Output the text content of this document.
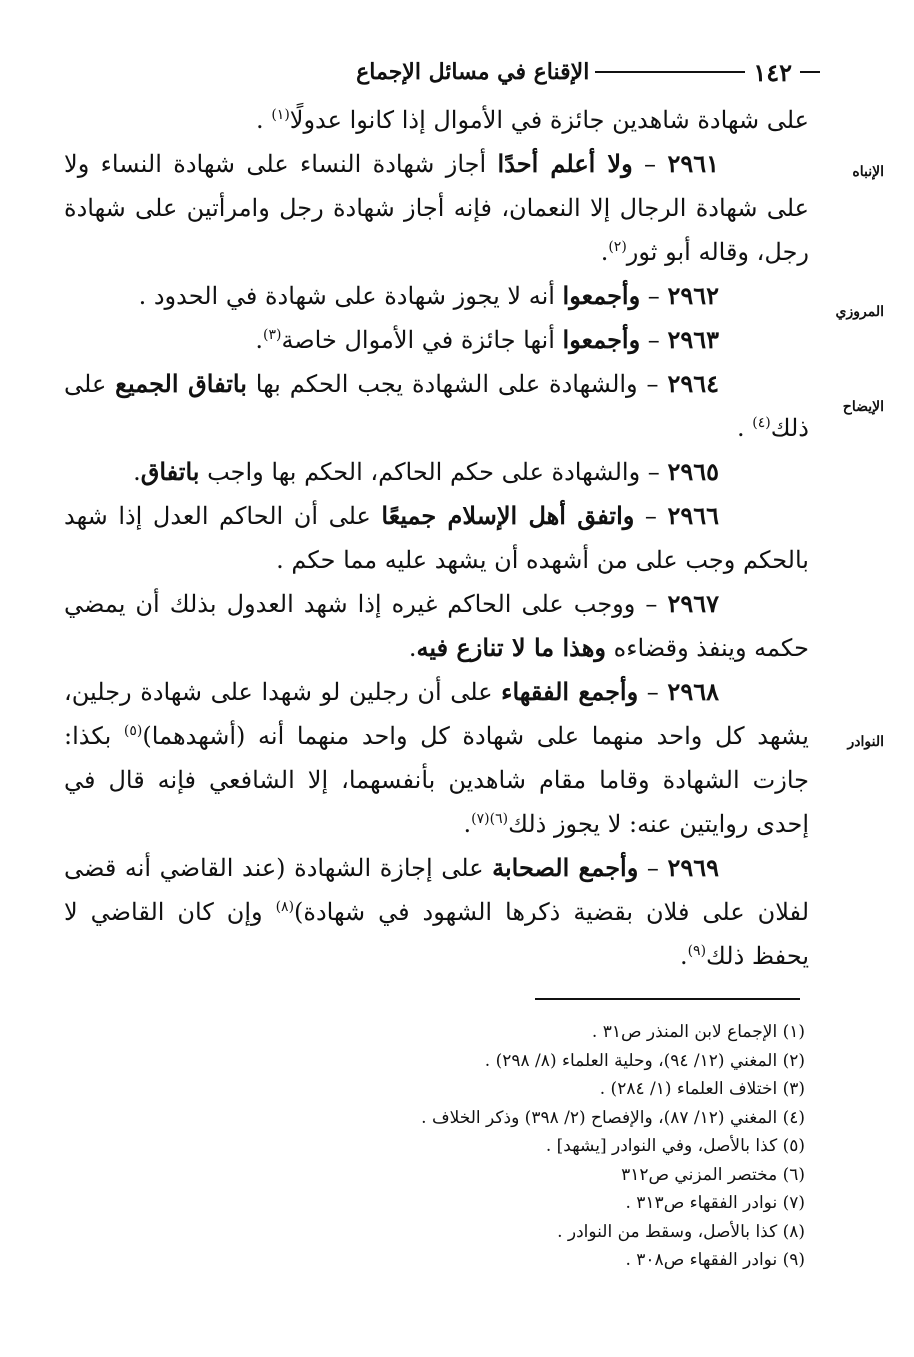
١٤٢
الإقناع في مسائل الإجماع
الإنباه
المروزي
الإيضاح
النوادر

على شهادة شاهدين جائزة في الأموال إذا كانوا عدولًا$^{(١)}$ .

٢٩٦١ – ولا أعلم أحدًا أجاز شهادة النساء على شهادة النساء ولا على شهادة الرجال إلا النعمان، فإنه أجاز شهادة رجل وامرأتين على شهادة رجل، وقاله أبو ثور$^{(٢)}$.

٢٩٦٢ – وأجمعوا أنه لا يجوز شهادة على شهادة في الحدود .

٢٩٦٣ – وأجمعوا أنها جائزة في الأموال خاصة$^{(٣)}$.

٢٩٦٤ – والشهادة على الشهادة يجب الحكم بها باتفاق الجميع على ذلك$^{(٤)}$ .

٢٩٦٥ – والشهادة على حكم الحاكم، الحكم بها واجب باتفاق.

٢٩٦٦ – واتفق أهل الإسلام جميعًا على أن الحاكم العدل إذا شهد بالحكم وجب على من أشهده أن يشهد عليه مما حكم .

٢٩٦٧ – ووجب على الحاكم غيره إذا شهد العدول بذلك أن يمضي حكمه وينفذ وقضاءه وهذا ما لا تنازع فيه.

٢٩٦٨ – وأجمع الفقهاء على أن رجلين لو شهدا على شهادة رجلين، يشهد كل واحد منهما على شهادة كل واحد منهما أنه (أشهدهما)$^{(٥)}$ بكذا: جازت الشهادة وقاما مقام شاهدين بأنفسهما، إلا الشافعي فإنه قال في إحدى روايتين عنه: لا يجوز ذلك$^{(٦)(٧)}$.

٢٩٦٩ – وأجمع الصحابة على إجازة الشهادة (عند القاضي أنه قضى لفلان على فلان بقضية ذكرها الشهود في شهادة)$^{(٨)}$ وإن كان القاضي لا يحفظ ذلك$^{(٩)}$.

(١) الإجماع لابن المنذر ص٣١ .

(٢) المغني (١٢/ ٩٤)، وحلية العلماء (٨/ ٢٩٨) .

(٣) اختلاف العلماء (١/ ٢٨٤) .

(٤) المغني (١٢/ ٨٧)، والإفصاح (٢/ ٣٩٨) وذكر الخلاف .

(٥) كذا بالأصل، وفي النوادر [يشهد] .

(٦) مختصر المزني ص٣١٢

(٧) نوادر الفقهاء ص٣١٣ .

(٨) كذا بالأصل، وسقط من النوادر .

(٩) نوادر الفقهاء ص٣٠٨ .
